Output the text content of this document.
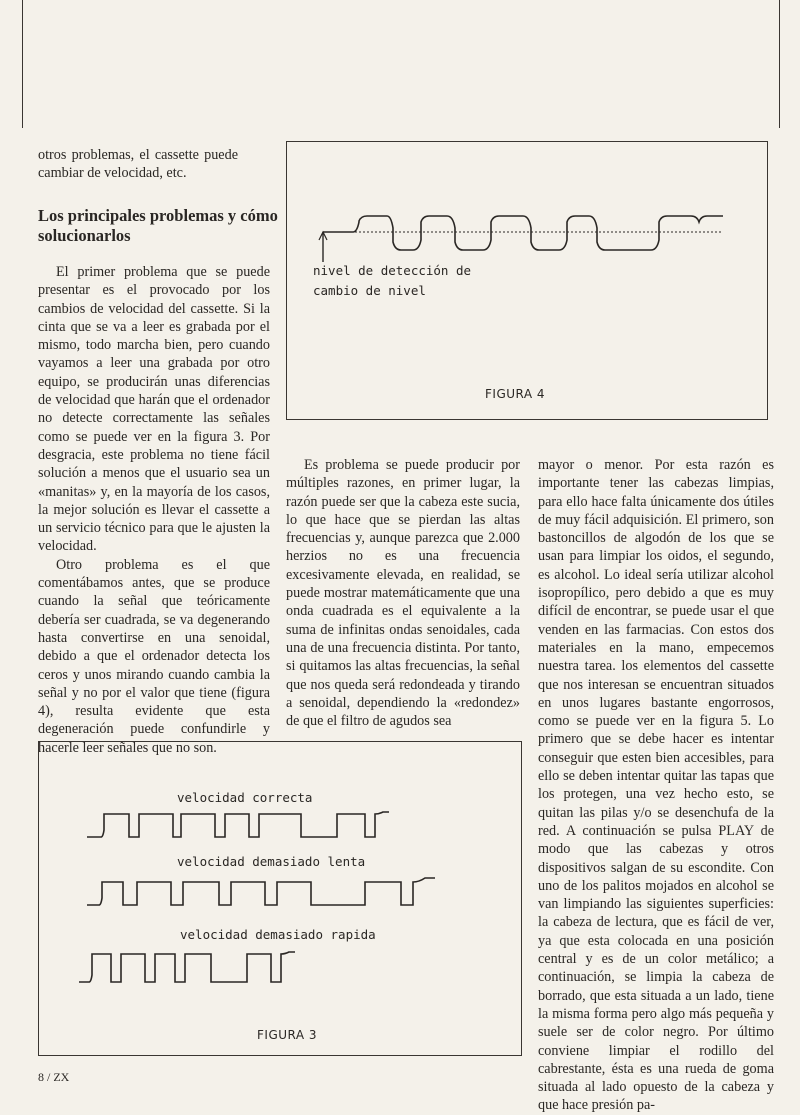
otros problemas, el cassette puede cambiar de velocidad, etc.

Los principales problemas y cómo solucionarlos

El primer problema que se puede presentar es el provocado por los cambios de velocidad del cassette. Si la cinta que se va a leer es grabada por el mismo, todo marcha bien, pero cuando vayamos a leer una grabada por otro equipo, se producirán unas diferencias de velocidad que harán que el ordenador no detecte correctamente las señales como se puede ver en la figura 3. Por desgracia, este problema no tiene fácil solución a menos que el usuario sea un «manitas» y, en la mayoría de los casos, la mejor solución es llevar el cassette a un servicio técnico para que le ajusten la velocidad.

Otro problema es el que comentábamos antes, que se produce cuando la señal que teóricamente debería ser cuadrada, se va degenerando hasta convertirse en una senoidal, debido a que el ordenador detecta los ceros y unos mirando cuando cambia la señal y no por el valor que tiene (figura 4), resulta evidente que esta degeneración puede confundirle y hacerle leer señales que no son.

nivel de detección de
cambio de nivel
FIGURA 4

Es problema se puede producir por múltiples razones, en primer lugar, la razón puede ser que la cabeza este sucia, lo que hace que se pierdan las altas frecuencias y, aunque parezca que 2.000 herzios no es una frecuencia excesivamente elevada, en realidad, se puede mostrar matemáticamente que una onda cuadrada es el equivalente a la suma de infinitas ondas senoidales, cada una de una frecuencia distinta. Por tanto, si quitamos las altas frecuencias, la señal que nos queda será redondeada y tirando a senoidal, dependiendo la «redondez» de que el filtro de agudos sea

mayor o menor. Por esta razón es importante tener las cabezas limpias, para ello hace falta únicamente dos útiles de muy fácil adquisición. El primero, son bastoncillos de algodón de los que se usan para limpiar los oidos, el segundo, es alcohol. Lo ideal sería utilizar alcohol isopropílico, pero debido a que es muy difícil de encontrar, se puede usar el que venden en las farmacias. Con estos dos materiales en la mano, empecemos nuestra tarea. los elementos del cassette que nos interesan se encuentran situados en unos lugares bastante engorrosos, como se puede ver en la figura 5. Lo primero que se debe hacer es intentar conseguir que esten bien accesibles, para ello se deben intentar quitar las tapas que los protegen, una vez hecho esto, se quitan las pilas y/o se desenchufa de la red. A continuación se pulsa PLAY de modo que las cabezas y otros dispositivos salgan de su escondite. Con uno de los palitos mojados en alcohol se van limpiando las siguientes superficies: la cabeza de lectura, que es fácil de ver, ya que esta colocada en una posición central y es de un color metálico; a continuación, se limpia la cabeza de borrado, que esta situada a un lado, tiene la misma forma pero algo más pequeña y suele ser de color negro. Por último conviene limpiar el rodillo del cabrestante, ésta es una rueda de goma situada al lado opuesto de la cabeza y que hace presión pa-

velocidad correcta
velocidad demasiado lenta
velocidad demasiado rapida
FIGURA 3
8 / ZX
